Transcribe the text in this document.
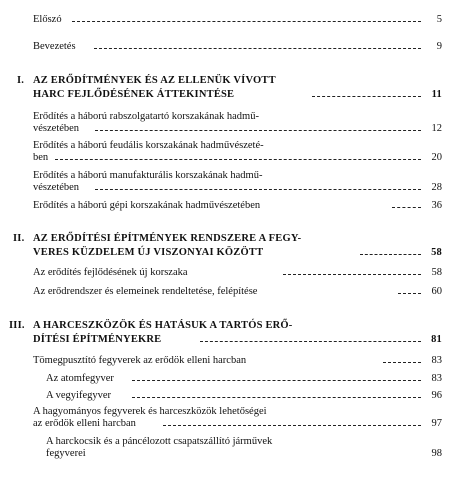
Előszó	5
Bevezetés	9
I. AZ ERŐDÍTMÉNYEK ÉS AZ ELLENÜK VÍVOTT
HARC FEJLŐDÉSÉNEK ÁTTEKINTÉSE	11
Erődítés a háború rabszolgatartó korszakának hadmű-
vészetében	12
Erődítés a háború feudális korszakának hadművészeté-
ben	20
Erődítés a háború manufakturális korszakának hadmű-
vészetében	28
Erődítés a háború gépi korszakának hadművészetében	36
II. AZ ERŐDÍTÉSI ÉPÍTMÉNYEK RENDSZERE A FEGY-
VERES KÜZDELEM ÚJ VISZONYAI KÖZÖTT	58
Az erődítés fejlődésének új korszaka	58
Az erődrendszer és elemeinek rendeltetése, felépítése	60
III. A HARCESZKÖZÖK ÉS HATÁSUK A TARTÓS ERŐ-
DÍTÉSI ÉPÍTMÉNYEKRE	81
Tömegpusztító fegyverek az erődök elleni harcban	83
Az atomfegyver	83
A vegyifegyver	96
A hagyományos fegyverek és harceszközök lehetőségei
az erődök elleni harcban	97
A harckocsik és a páncélozott csapatszállító járművek
fegyverei	98
